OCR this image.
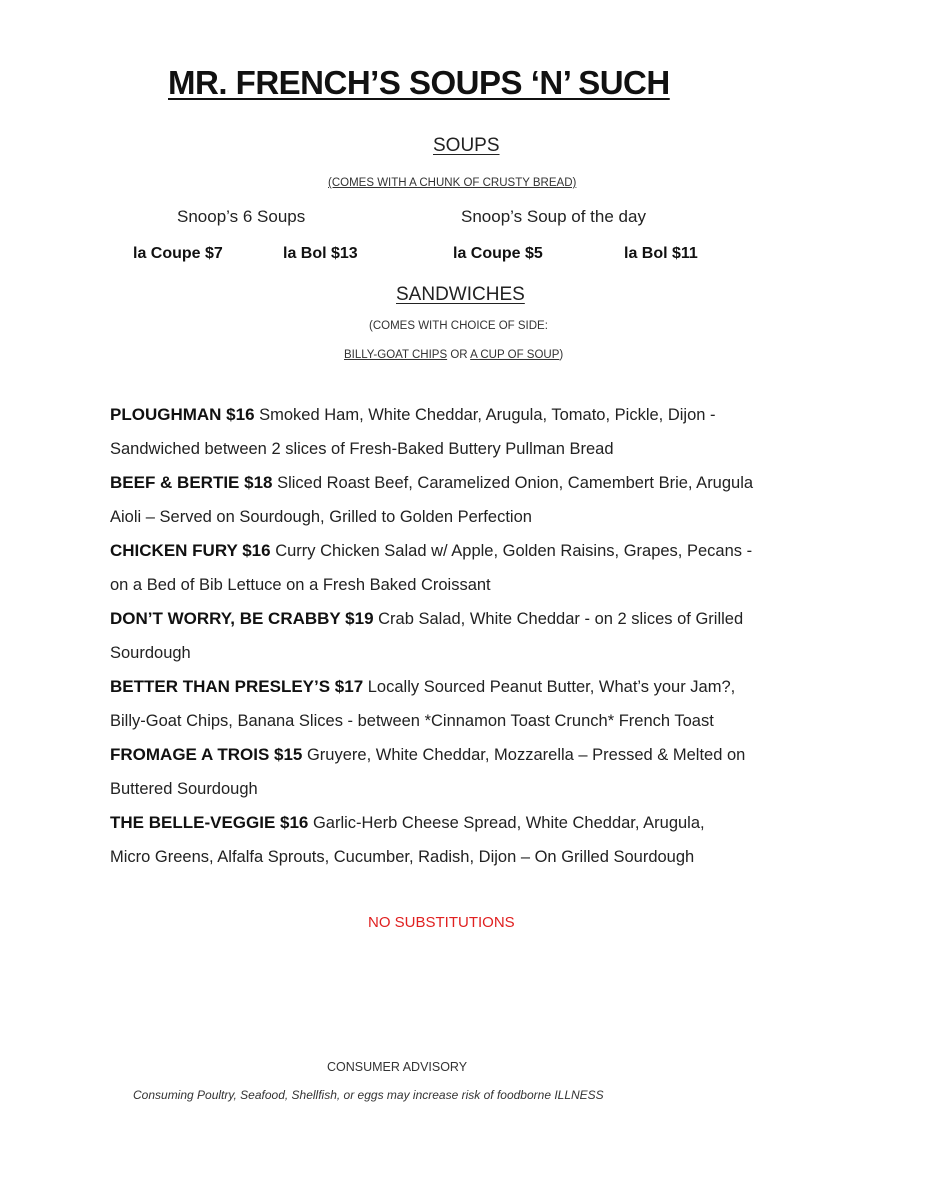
MR. FRENCH’S SOUPS ‘N’ SUCH
SOUPS
(COMES WITH A CHUNK OF CRUSTY BREAD)
Snoop’s 6 Soups	Snoop’s Soup of the day
la Coupe $7	la Bol $13	la Coupe $5	la Bol $11
SANDWICHES
(COMES WITH CHOICE OF SIDE:
BILLY-GOAT CHIPS OR A CUP OF SOUP)
PLOUGHMAN $16 Smoked Ham, White Cheddar, Arugula, Tomato, Pickle, Dijon -
Sandwiched between 2 slices of Fresh-Baked Buttery Pullman Bread
BEEF & BERTIE $18 Sliced Roast Beef, Caramelized Onion, Camembert Brie, Arugula
Aioli – Served on Sourdough, Grilled to Golden Perfection
CHICKEN FURY $16 Curry Chicken Salad w/ Apple, Golden Raisins, Grapes, Pecans -
on a Bed of Bib Lettuce on a Fresh Baked Croissant
DON’T WORRY, BE CRABBY $19 Crab Salad, White Cheddar - on 2 slices of Grilled
Sourdough
BETTER THAN PRESLEY’S $17 Locally Sourced Peanut Butter, What’s your Jam?,
Billy-Goat Chips, Banana Slices - between *Cinnamon Toast Crunch* French Toast
FROMAGE A TROIS $15 Gruyere, White Cheddar, Mozzarella – Pressed & Melted on
Buttered Sourdough
THE BELLE-VEGGIE $16 Garlic-Herb Cheese Spread, White Cheddar, Arugula,
Micro Greens, Alfalfa Sprouts, Cucumber, Radish, Dijon – On Grilled Sourdough
NO SUBSTITUTIONS
CONSUMER ADVISORY
Consuming Poultry, Seafood, Shellfish, or eggs may increase risk of foodborne ILLNESS
